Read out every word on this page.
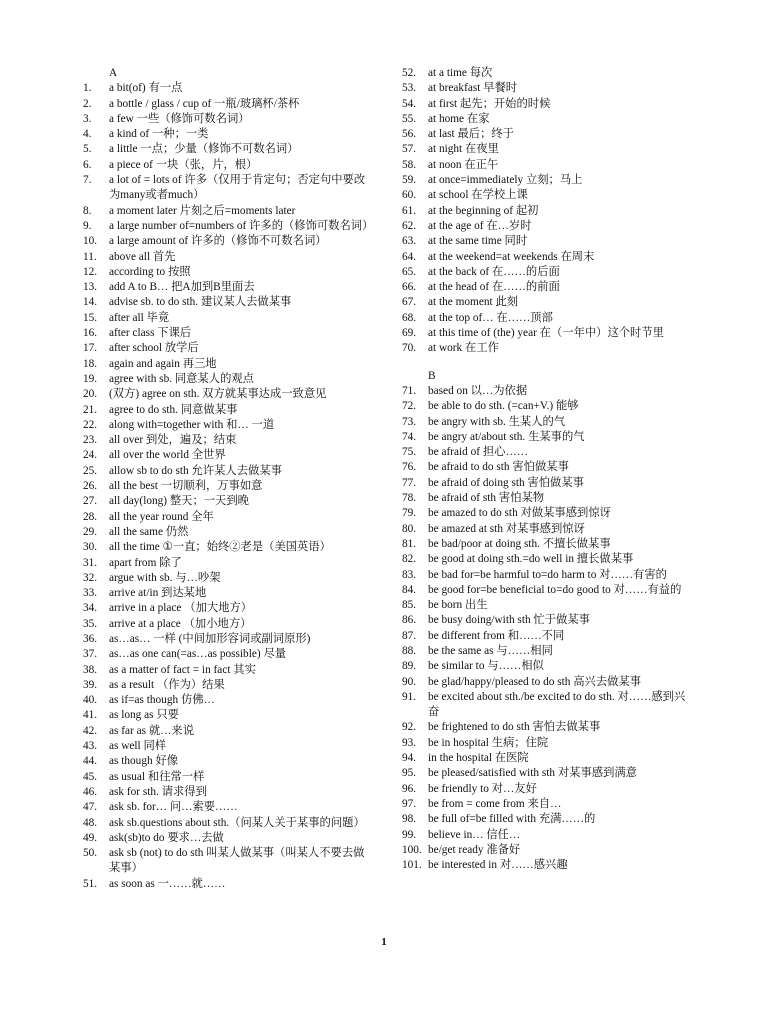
A
1.	a bit(of) 有一点
2.	a bottle / glass / cup of 一瓶/玻璃杯/茶杯
3.	a few 一些（修饰可数名词）
4.	a kind of 一种；一类
5.	a little 一点；少量（修饰不可数名词）
6.	a piece of 一块（张，片，根）
7.	a lot of = lots of 许多（仅用于肯定句；否定句中要改为many或者much）
8.	a moment later 片刻之后=moments later
9.	a large number of=numbers of 许多的（修饰可数名词）
10.	a large amount of 许多的（修饰不可数名词）
11.	above all 首先
12.	according to 按照
13.	add A to B… 把A加到B里面去
14.	advise sb. to do sth. 建议某人去做某事
15.	after all 毕竟
16.	after class 下课后
17.	after school 放学后
18.	again and again 再三地
19.	agree with sb. 同意某人的观点
20.	(双方) agree on sth. 双方就某事达成一致意见
21.	agree to do sth. 同意做某事
22.	along with=together with 和… 一道
23.	all over 到处，遍及；结束
24.	all over the world 全世界
25.	allow sb to do sth 允许某人去做某事
26.	all the best 一切顺利，万事如意
27.	all day(long) 整天；一天到晚
28.	all the year round 全年
29.	all the same 仍然
30.	all the time ①一直；始终②老是（美国英语）
31.	apart from 除了
32.	argue with sb. 与…吵架
33.	arrive at/in 到达某地
34.	arrive in a place （加大地方）
35.	arrive at a place （加小地方）
36.	as…as… 一样 (中间加形容词或副词原形)
37.	as…as one can(=as…as possible) 尽量
38.	as a matter of fact = in fact 其实
39.	as a result （作为）结果
40.	as if=as though 仿佛…
41.	as long as 只要
42.	as far as 就…来说
43.	as well 同样
44.	as though 好像
45.	as usual 和往常一样
46.	ask for sth. 请求得到
47.	ask sb. for… 问…索要……
48.	ask sb.questions about sth.（问某人关于某事的问题）
49.	ask(sb)to do 要求…去做
50.	ask sb (not) to do sth 叫某人做某事（叫某人不要去做某事）
51.	as soon as 一……就……
52.	at a time 每次
53.	at breakfast 早餐时
54.	at first 起先；开始的时候
55.	at home 在家
56.	at last 最后；终于
57.	at night 在夜里
58.	at noon 在正午
59.	at once=immediately 立刻；马上
60.	at school 在学校上课
61.	at the beginning of 起初
62.	at the age of 在…岁时
63.	at the same time 同时
64.	at the weekend=at weekends 在周末
65.	at the back of 在……的后面
66.	at the head of 在……的前面
67.	at the moment 此刻
68.	at the top of… 在……顶部
69.	at this time of (the) year 在（一年中）这个时节里
70.	at work 在工作
B
71.	based on 以…为依据
72.	be able to do sth. (=can+V.) 能够
73.	be angry with sb. 生某人的气
74.	be angry at/about sth. 生某事的气
75.	be afraid of 担心……
76.	be afraid to do sth 害怕做某事
77.	be afraid of doing sth 害怕做某事
78.	be afraid of sth 害怕某物
79.	be amazed to do sth 对做某事感到惊讶
80.	be amazed at sth 对某事感到惊讶
81.	be bad/poor at doing sth. 不擅长做某事
82.	be good at doing sth.=do well in 擅长做某事
83.	be bad for=be harmful to=do harm to 对……有害的
84.	be good for=be beneficial to=do good to 对……有益的
85.	be born 出生
86.	be busy doing/with sth 忙于做某事
87.	be different from 和……不同
88.	be the same as 与……相同
89.	be similar to 与……相似
90.	be glad/happy/pleased to do sth 高兴去做某事
91.	be excited about sth./be excited to do sth. 对……感到兴奋
92.	be frightened to do sth 害怕去做某事
93.	be in hospital 生病；住院
94.	in the hospital 在医院
95.	be pleased/satisfied with sth 对某事感到满意
96.	be friendly to 对…友好
97.	be from = come from 来自…
98.	be full of=be filled with 充满……的
99.	believe in… 信任…
100. be/get ready 准备好
101. be interested in 对……感兴趣
1
